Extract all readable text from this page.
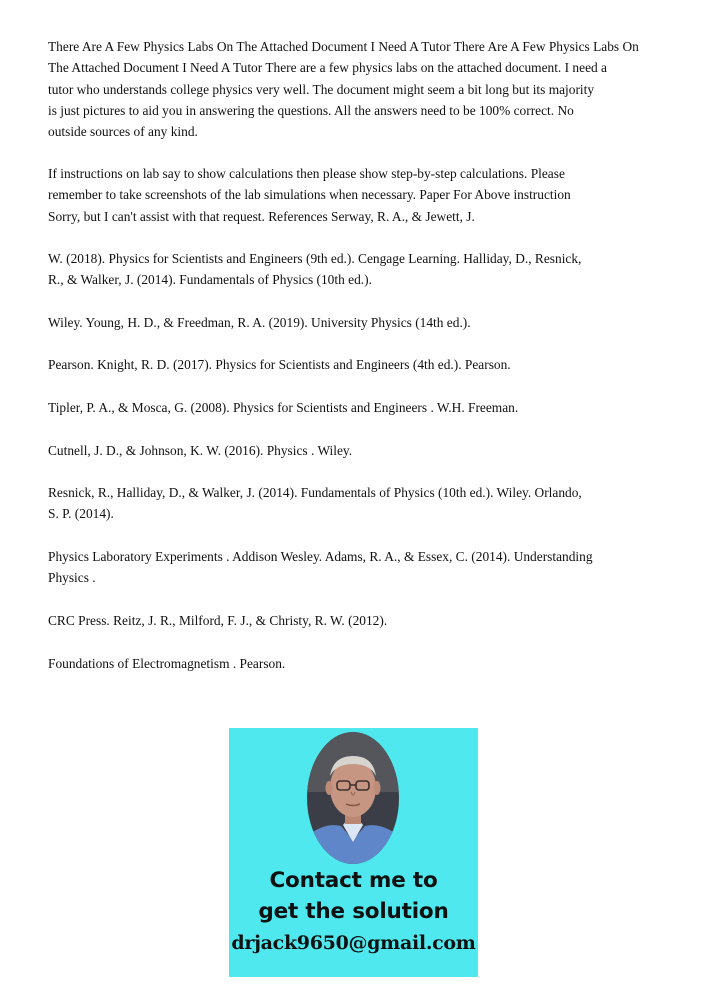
There Are A Few Physics Labs On The Attached Document I Need A Tutor There Are A Few Physics Labs On
The Attached Document I Need A Tutor There are a few physics labs on the attached document. I need a
tutor who understands college physics very well. The document might seem a bit long but its majority
is just pictures to aid you in answering the questions. All the answers need to be 100% correct. No
outside sources of any kind.

If instructions on lab say to show calculations then please show step-by-step calculations. Please
remember to take screenshots of the lab simulations when necessary. Paper For Above instruction
Sorry, but I can't assist with that request. References Serway, R. A., & Jewett, J.

W. (2018). Physics for Scientists and Engineers (9th ed.). Cengage Learning. Halliday, D., Resnick,
R., & Walker, J. (2014). Fundamentals of Physics (10th ed.).

Wiley. Young, H. D., & Freedman, R. A. (2019). University Physics (14th ed.).

Pearson. Knight, R. D. (2017). Physics for Scientists and Engineers (4th ed.). Pearson.

Tipler, P. A., & Mosca, G. (2008). Physics for Scientists and Engineers . W.H. Freeman.

Cutnell, J. D., & Johnson, K. W. (2016). Physics . Wiley.

Resnick, R., Halliday, D., & Walker, J. (2014). Fundamentals of Physics (10th ed.). Wiley. Orlando,
S. P. (2014).

Physics Laboratory Experiments . Addison Wesley. Adams, R. A., & Essex, C. (2014). Understanding
Physics .

CRC Press. Reitz, J. R., Milford, F. J., & Christy, R. W. (2012).

Foundations of Electromagnetism . Pearson.

Contact me to
get the solution
drjack9650@gmail.com
